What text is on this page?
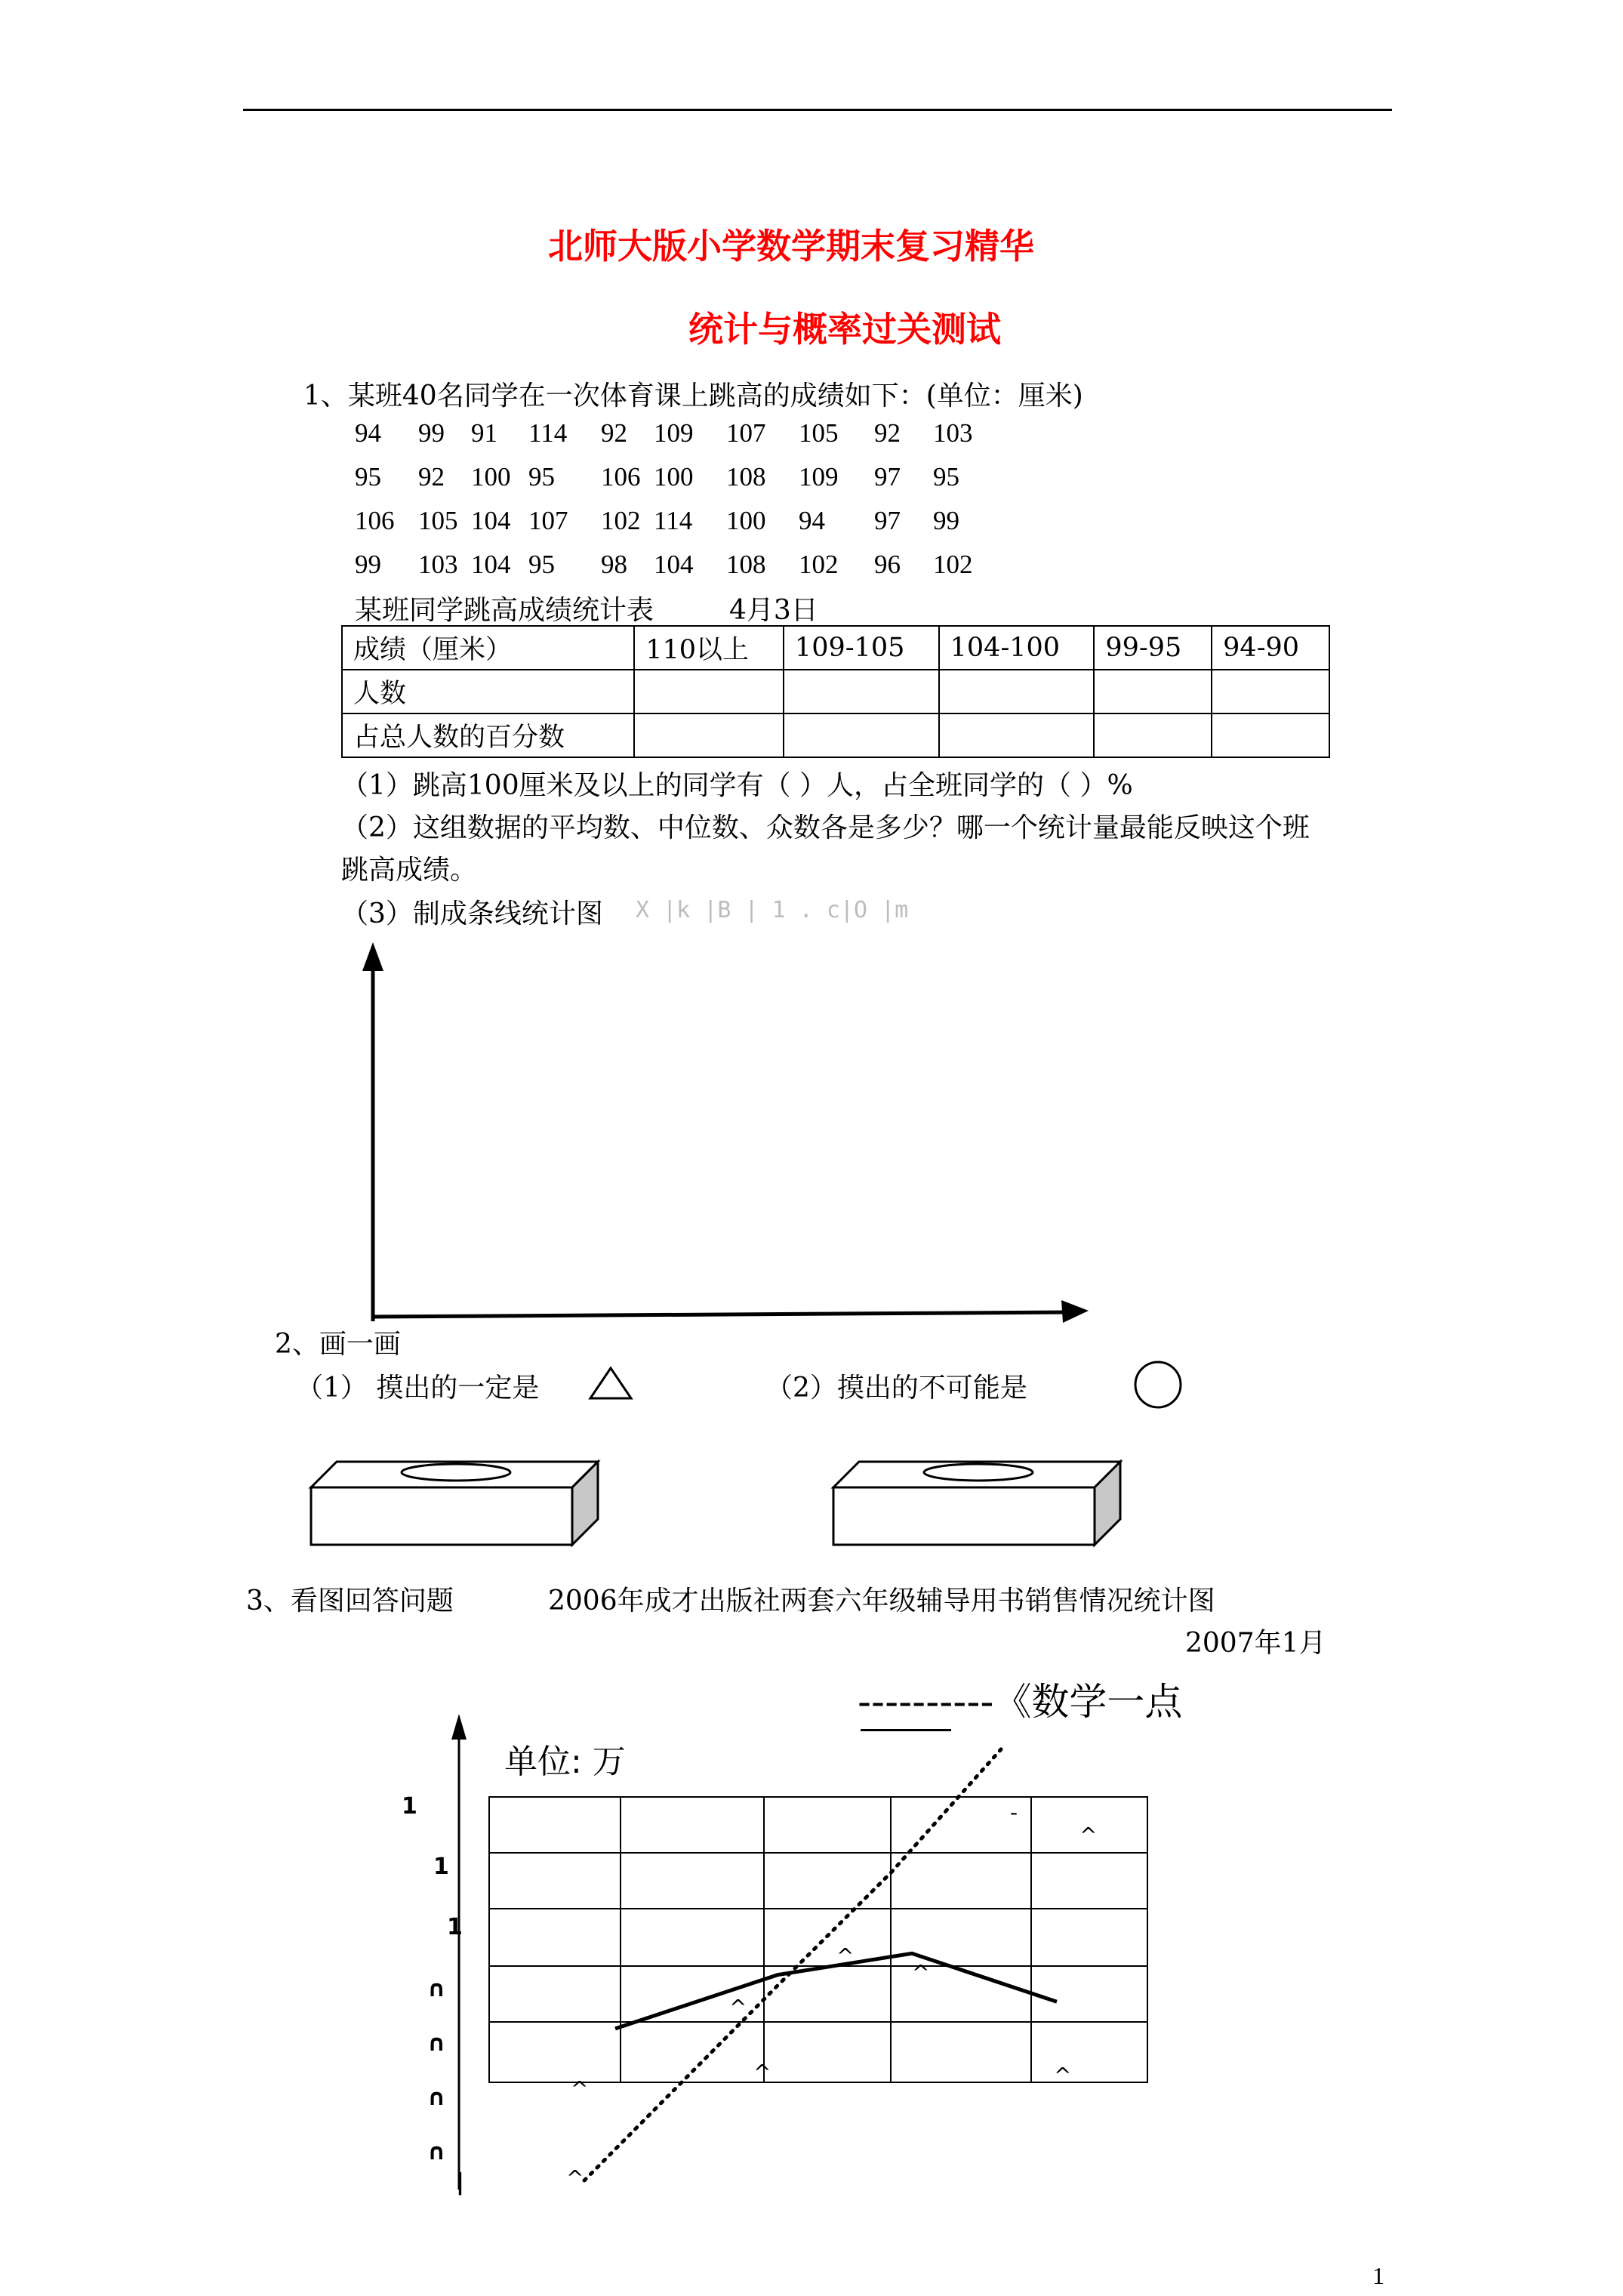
北师大版小学数学期末复习精华
统计与概率过关测试
1、某班40名同学在一次体育课上跳高的成绩如下：(单位：厘米)
94 99 91 114 92 109 107 105 92 103
95 92 100 95 106 100 108 109 97 95
106 105 104 107 102 114 100 94 97 99
99 103 104 95 98 104 108 102 96 102
某班同学跳高成绩统计表	4月3日
成绩（厘米）	110以上	109-105	104-100	99-95	94-90
人数					
占总人数的百分数					
（1）跳高100厘米及以上的同学有（ ）人，占全班同学的（ ）%
（2）这组数据的平均数、中位数、众数各是多少？哪一个统计量最能反映这个班
跳高成绩。
（3）制成条线统计图 X |k |B | 1 . c|O |m
2、画一画
（1） 摸出的一定是	（2）摸出的不可能是
3、看图回答问题	2006年成才出版社两套六年级辅导用书销售情况统计图
2007年1月
----------《数学一点
单位: 万
1
1
1
∩
∩
∩
∩
|	^
^
^
^
^
^
^
^
-
1
